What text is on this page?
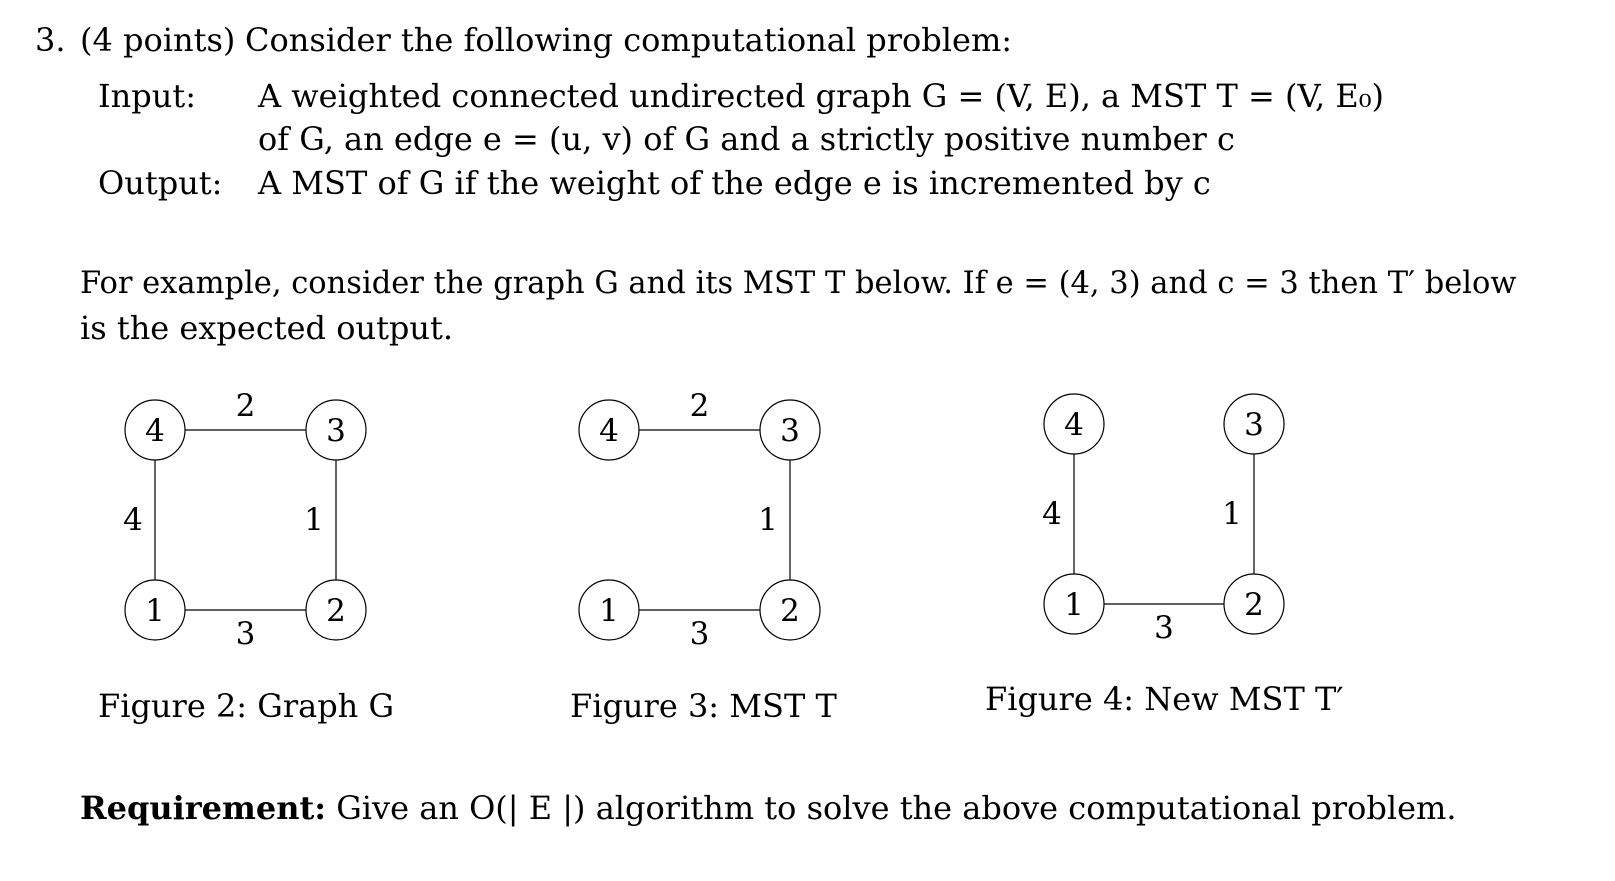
3. (4 points) Consider the following computational problem:
Input: A weighted connected undirected graph G = (V, E), a MST T = (V, E₀)
of G, an edge e = (u, v) of G and a strictly positive number c
Output: A MST of G if the weight of the edge e is incremented by c
For example, consider the graph G and its MST T below. If e = (4, 3) and c = 3 then T′ below
is the expected output.
2
4	1
3
4	3
1	2
2
1
3
4	3
1	2
4	1
3
4	3
1	2
Figure 2: Graph G	Figure 3: MST T	Figure 4: New MST T′
Requirement: Give an O(| E |) algorithm to solve the above computational problem.
